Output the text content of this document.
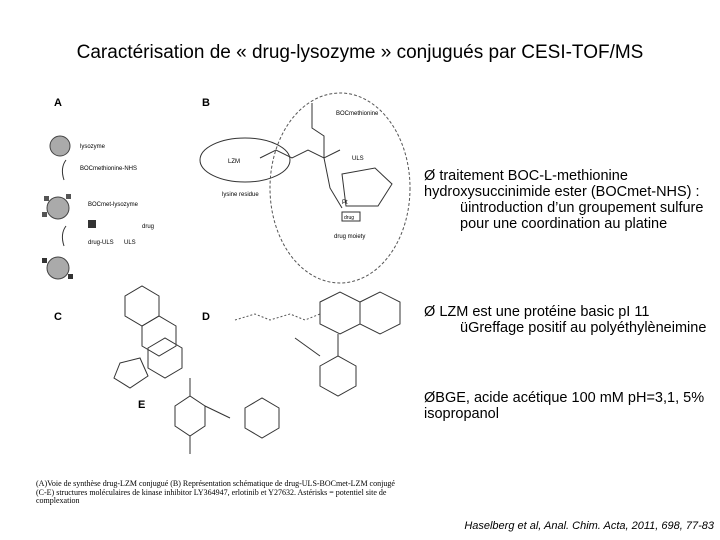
Caractérisation de « drug-lysozyme » conjugués par CESI-TOF/MS
A
lysozyme
BOCmethionine-NHS
BOCmet-lysozyme
drug
drug-ULS ULS
B
LZM
lysine residue
BOCmethionine
ULS
Pt
drug
drug moiety
C	D
E
Ø traitement BOC-L-methionine hydroxysuccinimide ester (BOCmet-NHS) :
üintroduction d’un groupement sulfure pour une coordination au platine
Ø LZM est une protéine basic pI 11
üGreffage positif au polyéthylèneimine
ØBGE, acide acétique 100 mM pH=3,1, 5% isopropanol
(A)Voie de synthèse drug-LZM conjugué (B) Représentation schématique de drug-ULS-BOCmet-LZM conjugé (C-E) structures moléculaires de kinase inhibitor LY364947, erlotinib et Y27632. Astérisks = potentiel site de complexation
Haselberg et al, Anal. Chim. Acta, 2011, 698, 77-83
